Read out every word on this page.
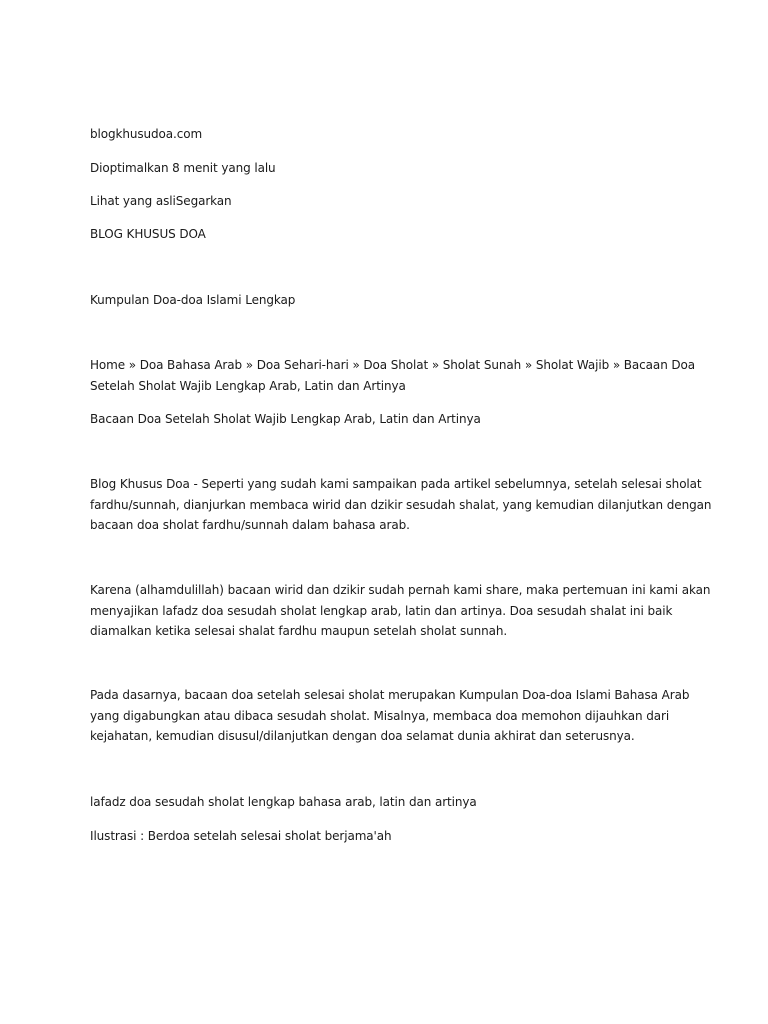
blogkhusudoa.com
Dioptimalkan 8 menit yang lalu
Lihat yang asliSegarkan
BLOG KHUSUS DOA
Kumpulan Doa-doa Islami Lengkap
Home » Doa Bahasa Arab » Doa Sehari-hari » Doa Sholat » Sholat Sunah » Sholat Wajib » Bacaan Doa
Setelah Sholat Wajib Lengkap Arab, Latin dan Artinya
Bacaan Doa Setelah Sholat Wajib Lengkap Arab, Latin dan Artinya
Blog Khusus Doa - Seperti yang sudah kami sampaikan pada artikel sebelumnya, setelah selesai sholat
fardhu/sunnah, dianjurkan membaca wirid dan dzikir sesudah shalat, yang kemudian dilanjutkan dengan
bacaan doa sholat fardhu/sunnah dalam bahasa arab.
Karena (alhamdulillah) bacaan wirid dan dzikir sudah pernah kami share, maka pertemuan ini kami akan
menyajikan lafadz doa sesudah sholat lengkap arab, latin dan artinya. Doa sesudah shalat ini baik
diamalkan ketika selesai shalat fardhu maupun setelah sholat sunnah.
Pada dasarnya, bacaan doa setelah selesai sholat merupakan Kumpulan Doa-doa Islami Bahasa Arab
yang digabungkan atau dibaca sesudah sholat. Misalnya, membaca doa memohon dijauhkan dari
kejahatan, kemudian disusul/dilanjutkan dengan doa selamat dunia akhirat dan seterusnya.
lafadz doa sesudah sholat lengkap bahasa arab, latin dan artinya
Ilustrasi : Berdoa setelah selesai sholat berjama'ah
